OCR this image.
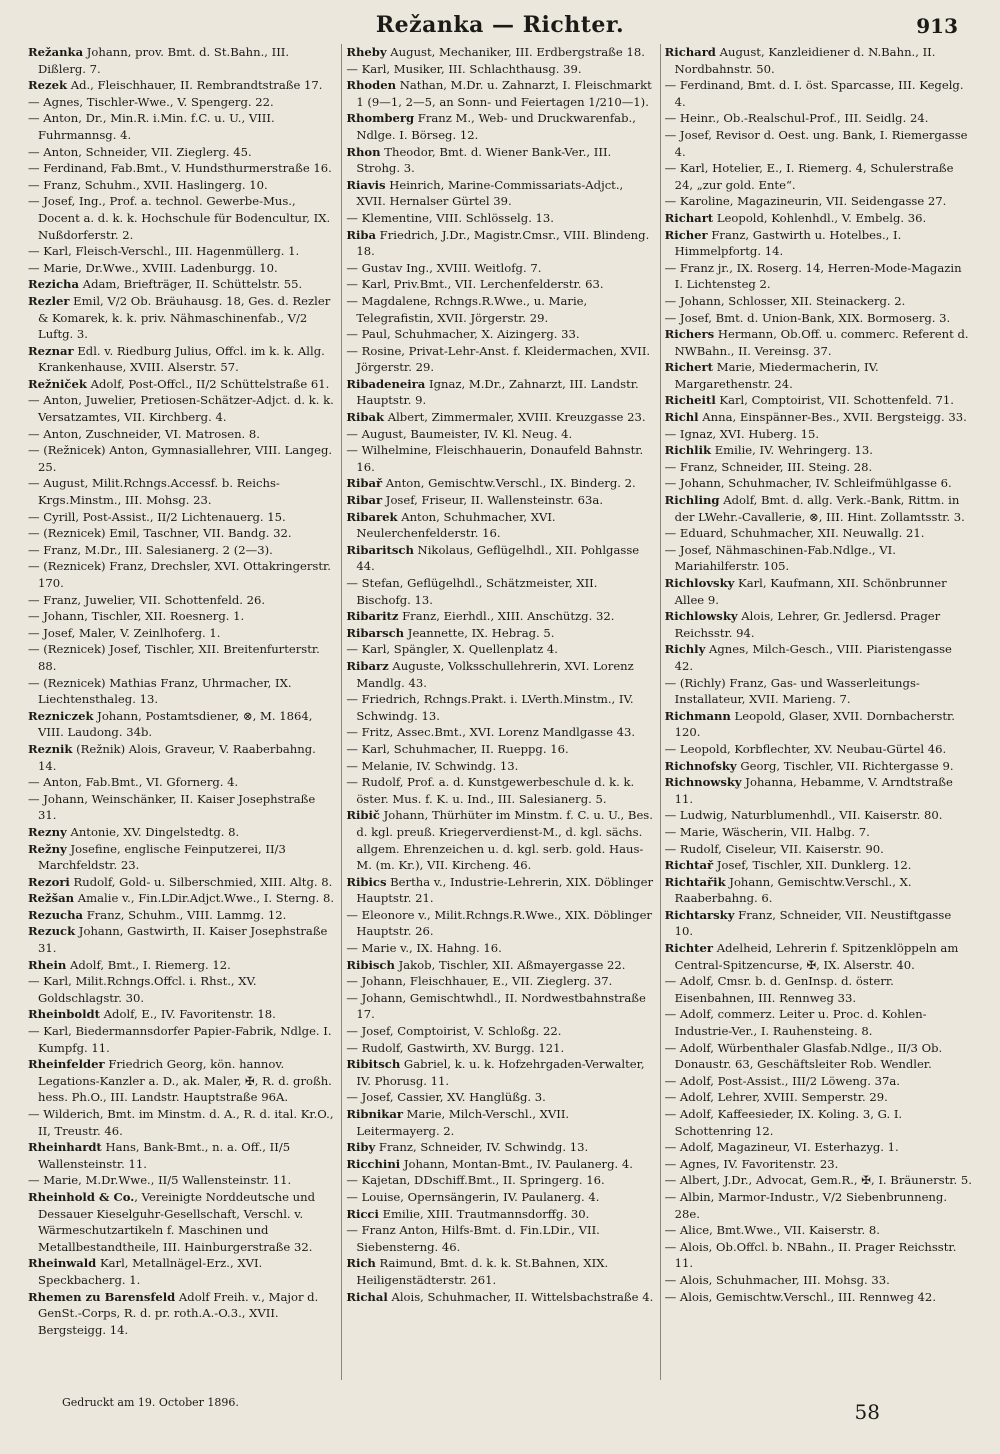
Režanka — Richter.	913
Režanka Johann, prov. Bmt. d. St.Bahn., III. Dißlerg. 7.
Rezek Ad., Fleischhauer, II. Rembrandtstraße 17.
— Agnes, Tischler-Wwe., V. Spengerg. 22.
— Anton, Dr., Min.R. i.Min. f.C. u. U., VIII. Fuhrmannsg. 4.
— Anton, Schneider, VII. Zieglerg. 45.
— Ferdinand, Fab.Bmt., V. Hundsthurmerstraße 16.
— Franz, Schuhm., XVII. Haslingerg. 10.
— Josef, Ing., Prof. a. technol. Gewerbe-Mus., Docent a. d. k. k. Hochschule für Bodencultur, IX. Nußdorferstr. 2.
— Karl, Fleisch-Verschl., III. Hagenmüllerg. 1.
— Marie, Dr.Wwe., XVIII. Ladenburgg. 10.
Rezicha Adam, Briefträger, II. Schüttelstr. 55.
Rezler Emil, V/2 Ob. Bräuhausg. 18, Ges. d. Rezler & Komarek, k. k. priv. Nähmaschinenfab., V/2 Luftg. 3.
Reznar Edl. v. Riedburg Julius, Offcl. im k. k. Allg. Krankenhause, XVIII. Alserstr. 57.
Režniček Adolf, Post-Offcl., II/2 Schüttelstraße 61.
— Anton, Juwelier, Pretiosen-Schätzer-Adjct. d. k. k. Versatzamtes, VII. Kirchberg. 4.
— Anton, Zuschneider, VI. Matrosen. 8.
— (Režnicek) Anton, Gymnasiallehrer, VIII. Langeg. 25.
— August, Milit.Rchngs.Accessf. b. Reichs-Krgs.Minstm., III. Mohsg. 23.
— Cyrill, Post-Assist., II/2 Lichtenauerg. 15.
— (Reznicek) Emil, Taschner, VII. Bandg. 32.
— Franz, M.Dr., III. Salesianerg. 2 (2—3).
— (Reznicek) Franz, Drechsler, XVI. Ottakringerstr. 170.
— Franz, Juwelier, VII. Schottenfeld. 26.
— Johann, Tischler, XII. Roesnerg. 1.
— Josef, Maler, V. Zeinlhoferg. 1.
— (Reznicek) Josef, Tischler, XII. Breitenfurterstr. 88.
— (Reznicek) Mathias Franz, Uhrmacher, IX. Liechtensthaleg. 13.
Rezniczek Johann, Postamtsdiener, ⊗, M. 1864, VIII. Laudong. 34b.
Reznik (Režnik) Alois, Graveur, V. Raaberbahng. 14.
— Anton, Fab.Bmt., VI. Gfornerg. 4.
— Johann, Weinschänker, II. Kaiser Josephstraße 31.
Rezny Antonie, XV. Dingelstedtg. 8.
Režny Josefine, englische Feinputzerei, II/3 Marchfeldstr. 23.
Rezori Rudolf, Gold- u. Silberschmied, XIII. Altg. 8.
Režšan Amalie v., Fin.LDir.Adjct.Wwe., I. Sterng. 8.
Rezucha Franz, Schuhm., VIII. Lammg. 12.
Rezuck Johann, Gastwirth, II. Kaiser Josephstraße 31.
Rhein Adolf, Bmt., I. Riemerg. 12.
— Karl, Milit.Rchngs.Offcl. i. Rhst., XV. Goldschlagstr. 30.
Rheinboldt Adolf, E., IV. Favoritenstr. 18.
— Karl, Biedermannsdorfer Papier-Fabrik, Ndlge. I. Kumpfg. 11.
Rheinfelder Friedrich Georg, kön. hannov. Legations-Kanzler a. D., ak. Maler, ✠, R. d. großh. hess. Ph.O., III. Landstr. Hauptstraße 96A.
— Wilderich, Bmt. im Minstm. d. A., R. d. ital. Kr.O., II, Treustr. 46.
Rheinhardt Hans, Bank-Bmt., n. a. Off., II/5 Wallensteinstr. 11.
— Marie, M.Dr.Wwe., II/5 Wallensteinstr. 11.
Rheinhold & Co., Vereinigte Norddeutsche und Dessauer Kieselguhr-Gesellschaft, Verschl. v. Wärmeschutzartikeln f. Maschinen und Metallbestandtheile, III. Hainburgerstraße 32.
Rheinwald Karl, Metallnägel-Erz., XVI. Speckbacherg. 1.
Rhemen zu Barensfeld Adolf Freih. v., Major d. GenSt.-Corps, R. d. pr. roth.A.-O.3., XVII. Bergsteigg. 14.
Rheby August, Mechaniker, III. Erdbergstraße 18.
— Karl, Musiker, III. Schlachthausg. 39.
Rhoden Nathan, M.Dr. u. Zahnarzt, I. Fleischmarkt 1 (9—1, 2—5, an Sonn- und Feiertagen 1/210—1).
Rhomberg Franz M., Web- und Druckwarenfab., Ndlge. I. Börseg. 12.
Rhon Theodor, Bmt. d. Wiener Bank-Ver., III. Strohg. 3.
Riavis Heinrich, Marine-Commissariats-Adjct., XVII. Hernalser Gürtel 39.
— Klementine, VIII. Schlösselg. 13.
Riba Friedrich, J.Dr., Magistr.Cmsr., VIII. Blindeng. 18.
— Gustav Ing., XVIII. Weitlofg. 7.
— Karl, Priv.Bmt., VII. Lerchenfelderstr. 63.
— Magdalene, Rchngs.R.Wwe., u. Marie, Telegrafistin, XVII. Jörgerstr. 29.
— Paul, Schuhmacher, X. Aizingerg. 33.
— Rosine, Privat-Lehr-Anst. f. Kleidermachen, XVII. Jörgerstr. 29.
Ribadeneira Ignaz, M.Dr., Zahnarzt, III. Landstr. Hauptstr. 9.
Ribak Albert, Zimmermaler, XVIII. Kreuzgasse 23.
— August, Baumeister, IV. Kl. Neug. 4.
— Wilhelmine, Fleischhauerin, Donaufeld Bahnstr. 16.
Ribař Anton, Gemischtw.Verschl., IX. Binderg. 2.
Ribar Josef, Friseur, II. Wallensteinstr. 63a.
Ribarek Anton, Schuhmacher, XVI. Neulerchenfelderstr. 16.
Ribaritsch Nikolaus, Geflügelhdl., XII. Pohlgasse 44.
— Stefan, Geflügelhdl., Schätzmeister, XII. Bischofg. 13.
Ribaritz Franz, Eierhdl., XIII. Anschützg. 32.
Ribarsch Jeannette, IX. Hebrag. 5.
— Karl, Spängler, X. Quellenplatz 4.
Ribarz Auguste, Volksschullehrerin, XVI. Lorenz Mandlg. 43.
— Friedrich, Rchngs.Prakt. i. LVerth.Minstm., IV. Schwindg. 13.
— Fritz, Assec.Bmt., XVI. Lorenz Mandlgasse 43.
— Karl, Schuhmacher, II. Rueppg. 16.
— Melanie, IV. Schwindg. 13.
— Rudolf, Prof. a. d. Kunstgewerbeschule d. k. k. öster. Mus. f. K. u. Ind., III. Salesianerg. 5.
Ribič Johann, Thürhüter im Minstm. f. C. u. U., Bes. d. kgl. preuß. Kriegerverdienst-M., d. kgl. sächs. allgem. Ehrenzeichen u. d. kgl. serb. gold. Haus-M. (m. Kr.), VII. Kircheng. 46.
Ribics Bertha v., Industrie-Lehrerin, XIX. Döblinger Hauptstr. 21.
— Eleonore v., Milit.Rchngs.R.Wwe., XIX. Döblinger Hauptstr. 26.
— Marie v., IX. Hahng. 16.
Ribisch Jakob, Tischler, XII. Aßmayergasse 22.
— Johann, Fleischhauer, E., VII. Zieglerg. 37.
— Johann, Gemischtwhdl., II. Nordwestbahnstraße 17.
— Josef, Comptoirist, V. Schloßg. 22.
— Rudolf, Gastwirth, XV. Burgg. 121.
Ribitsch Gabriel, k. u. k. Hofzehrgaden-Verwalter, IV. Phorusg. 11.
— Josef, Cassier, XV. Hanglüßg. 3.
Ribnikar Marie, Milch-Verschl., XVII. Leitermayerg. 2.
Riby Franz, Schneider, IV. Schwindg. 13.
Ricchini Johann, Montan-Bmt., IV. Paulanerg. 4.
— Kajetan, DDschiff.Bmt., II. Springerg. 16.
— Louise, Opernsängerin, IV. Paulanerg. 4.
Ricci Emilie, XIII. Trautmannsdorffg. 30.
— Franz Anton, Hilfs-Bmt. d. Fin.LDir., VII. Siebensterng. 46.
Rich Raimund, Bmt. d. k. k. St.Bahnen, XIX. Heiligenstädterstr. 261.
Richal Alois, Schuhmacher, II. Wittelsbachstraße 4.
Richard August, Kanzleidiener d. N.Bahn., II. Nordbahnstr. 50.
— Ferdinand, Bmt. d. I. öst. Sparcasse, III. Kegelg. 4.
— Heinr., Ob.-Realschul-Prof., III. Seidlg. 24.
— Josef, Revisor d. Oest. ung. Bank, I. Riemergasse 4.
— Karl, Hotelier, E., I. Riemerg. 4, Schulerstraße 24, „zur gold. Ente“.
— Karoline, Magazineurin, VII. Seidengasse 27.
Richart Leopold, Kohlenhdl., V. Embelg. 36.
Richer Franz, Gastwirth u. Hotelbes., I. Himmelpfortg. 14.
— Franz jr., IX. Roserg. 14, Herren-Mode-Magazin I. Lichtensteg 2.
— Johann, Schlosser, XII. Steinackerg. 2.
— Josef, Bmt. d. Union-Bank, XIX. Bormoserg. 3.
Richers Hermann, Ob.Off. u. commerc. Referent d. NWBahn., II. Vereinsg. 37.
Richert Marie, Miedermacherin, IV. Margarethenstr. 24.
Richeitl Karl, Comptoirist, VII. Schottenfeld. 71.
Richl Anna, Einspänner-Bes., XVII. Bergsteigg. 33.
— Ignaz, XVI. Huberg. 15.
Richlik Emilie, IV. Wehringerg. 13.
— Franz, Schneider, III. Steing. 28.
— Johann, Schuhmacher, IV. Schleifmühlgasse 6.
Richling Adolf, Bmt. d. allg. Verk.-Bank, Rittm. in der LWehr.-Cavallerie, ⊗, III. Hint. Zollamtsstr. 3.
— Eduard, Schuhmacher, XII. Neuwallg. 21.
— Josef, Nähmaschinen-Fab.Ndlge., VI. Mariahilferstr. 105.
Richlovsky Karl, Kaufmann, XII. Schönbrunner Allee 9.
Richlowsky Alois, Lehrer, Gr. Jedlersd. Prager Reichsstr. 94.
Richly Agnes, Milch-Gesch., VIII. Piaristengasse 42.
— (Richly) Franz, Gas- und Wasserleitungs-Installateur, XVII. Marieng. 7.
Richmann Leopold, Glaser, XVII. Dornbacherstr. 120.
— Leopold, Korbflechter, XV. Neubau-Gürtel 46.
Richnofsky Georg, Tischler, VII. Richtergasse 9.
Richnowsky Johanna, Hebamme, V. Arndtstraße 11.
— Ludwig, Naturblumenhdl., VII. Kaiserstr. 80.
— Marie, Wäscherin, VII. Halbg. 7.
— Rudolf, Ciseleur, VII. Kaiserstr. 90.
Richtař Josef, Tischler, XII. Dunklerg. 12.
Richtařik Johann, Gemischtw.Verschl., X. Raaberbahng. 6.
Richtarsky Franz, Schneider, VII. Neustiftgasse 10.
Richter Adelheid, Lehrerin f. Spitzenklöppeln am Central-Spitzencurse, ✠, IX. Alserstr. 40.
— Adolf, Cmsr. b. d. GenInsp. d. österr. Eisenbahnen, III. Rennweg 33.
— Adolf, commerz. Leiter u. Proc. d. Kohlen-Industrie-Ver., I. Rauhensteing. 8.
— Adolf, Würbenthaler Glasfab.Ndlge., II/3 Ob. Donaustr. 63, Geschäftsleiter Rob. Wendler.
— Adolf, Post-Assist., III/2 Löweng. 37a.
— Adolf, Lehrer, XVIII. Semperstr. 29.
— Adolf, Kaffeesieder, IX. Koling. 3, G. I. Schottenring 12.
— Adolf, Magazineur, VI. Esterhazyg. 1.
— Agnes, IV. Favoritenstr. 23.
— Albert, J.Dr., Advocat, Gem.R., ✠, I. Bräunerstr. 5.
— Albin, Marmor-Industr., V/2 Siebenbrunneng. 28e.
— Alice, Bmt.Wwe., VII. Kaiserstr. 8.
— Alois, Ob.Offcl. b. NBahn., II. Prager Reichsstr. 11.
— Alois, Schuhmacher, III. Mohsg. 33.
— Alois, Gemischtw.Verschl., III. Rennweg 42.
Gedruckt am 19. October 1896.	58
